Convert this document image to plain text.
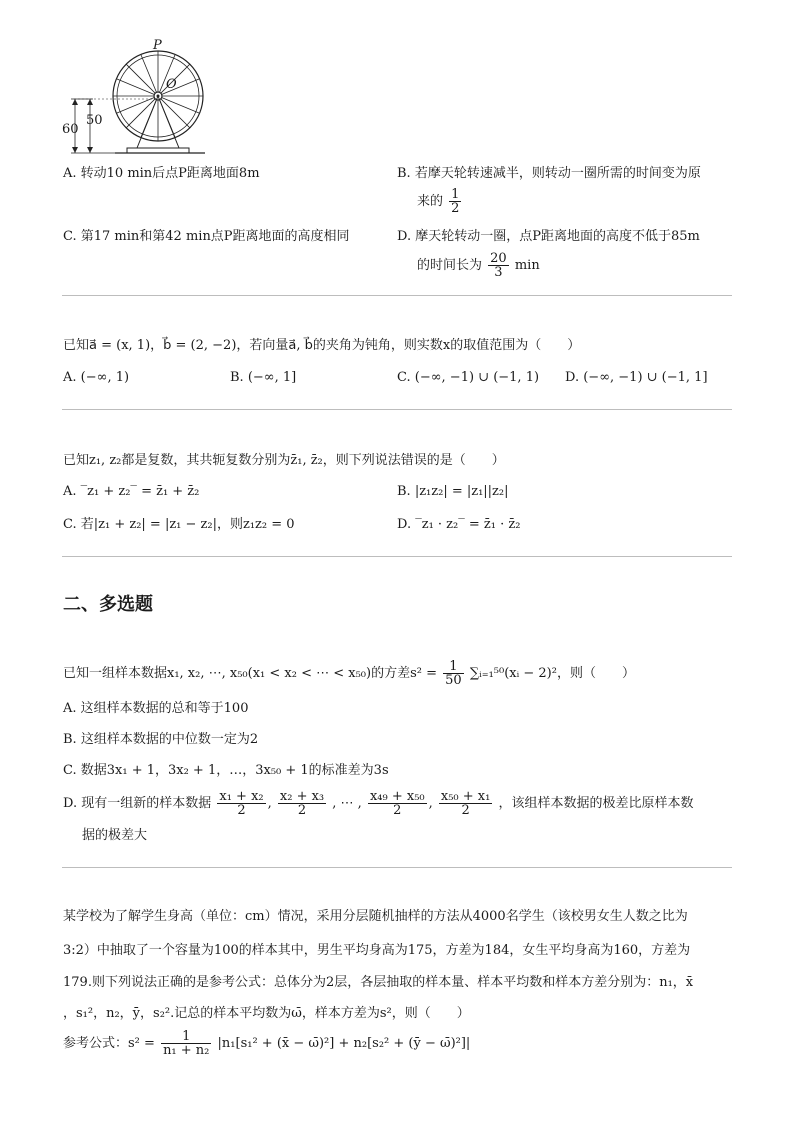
P
O
50
60
A. 转动10 min后点P距离地面8m	B. 若摩天轮转速减半，则转动一圈所需的时间变为原
来的 $\frac{1}{2}$
C. 第17 min和第42 min点P距离地面的高度相同	D. 摩天轮转动一圈，点P距离地面的高度不低于85m
的时间长为 $\frac{20}{3}$ min
已知a⃗ = (x, 1)，b⃗ = (2, −2)，若向量a⃗, b⃗的夹角为钝角，则实数x的取值范围为（　　）
A. (−∞, 1)	B. (−∞, 1]	C. (−∞, −1) ∪ (−1, 1) D. (−∞, −1) ∪ (−1, 1]
已知z₁, z₂都是复数，其共轭复数分别为z̄₁, z̄₂，则下列说法错误的是（　　）
A. ‾z₁ + z₂‾ = z̄₁ + z̄₂	B. |z₁z₂| = |z₁||z₂|
C. 若|z₁ + z₂| = |z₁ − z₂|，则z₁z₂ = 0	D. ‾z₁ · z₂‾ = z̄₁ · z̄₂
二、多选题
已知一组样本数据x₁, x₂, ⋯, x₅₀(x₁ < x₂ < ⋯ < x₅₀)的方差$s^2 = \frac{1}{50}$ ∑ᵢ₌₁⁵⁰(xᵢ − 2)²，则（　　）
A. 这组样本数据的总和等于100
B. 这组样本数据的中位数一定为2
C. 数据3x₁ + 1，3x₂ + 1，…，3x₅₀ + 1的标准差为3s
D. 现有一组新的样本数据 $\frac{\text{x₁ + x₂}}{2}$ , $\frac{\text{x₂ + x₃}}{2}$ , ⋯ , $\frac{\text{x₄₉ + x₅₀}}{2}$ , $\frac{\text{x₅₀ + x₁}}{2}$ ，该组样本数据的极差比原样本数
据的极差大
某学校为了解学生身高（单位：cm）情况，采用分层随机抽样的方法从4000名学生（该校男女生人数之比为
3:2）中抽取了一个容量为100的样本其中，男生平均身高为175，方差为184，女生平均身高为160，方差为
179.则下列说法正确的是参考公式：总体分为2层，各层抽取的样本量、样本平均数和样本方差分别为：n₁，x̄
，s₁²，n₂，ȳ，s₂².记总的样本平均数为ω̄，样本方差为s²，则（　　）
参考公式：$s^2 = \frac{1}{\text{n₁ + n₂}} |n_1[s_1^2$ + (x̄ − ω̄)²] + n₂[s₂² + (ȳ − ω̄)²]|
